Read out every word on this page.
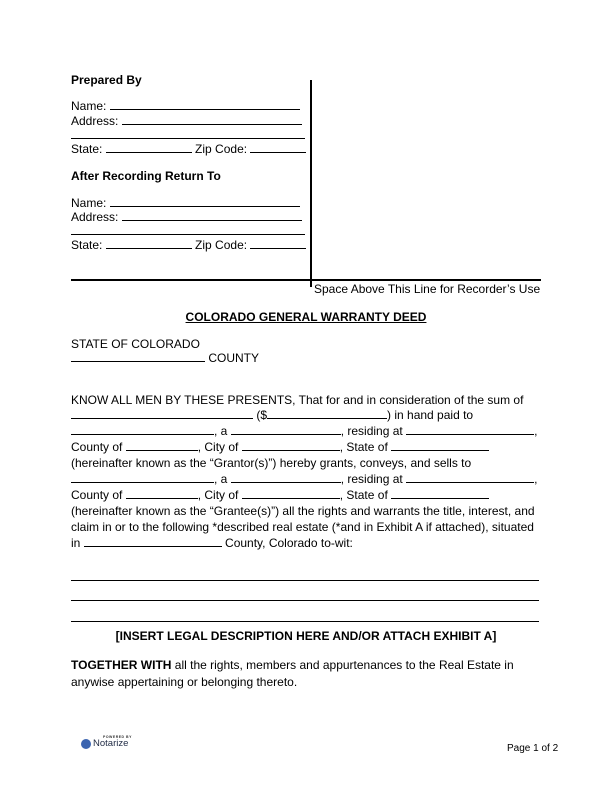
Prepared By
Name:
Address:
State:	Zip Code:
After Recording Return To
Name:
Address:
State:	Zip Code:
Space Above This Line for Recorder’s Use
COLORADO GENERAL WARRANTY DEED
STATE OF COLORADO
COUNTY
KNOW ALL MEN BY THESE PRESENTS, That for and in consideration of the sum of
($	) in hand paid to
, a	, residing at	,
County of	, City of	, State of
(hereinafter known as the “Grantor(s)”) hereby grants, conveys, and sells to
, a	, residing at	,
County of	, City of	, State of
(hereinafter known as the “Grantee(s)”) all the rights and warrants the title, interest, and
claim in or to the following *described real estate (*and in Exhibit A if attached), situated
in	County, Colorado to-wit:
[INSERT LEGAL DESCRIPTION HERE AND/OR ATTACH EXHIBIT A]
TOGETHER WITH all the rights, members and appurtenances to the Real Estate in
anywise appertaining or belonging thereto.
POWERED BY
Notarize	Page 1 of 2
